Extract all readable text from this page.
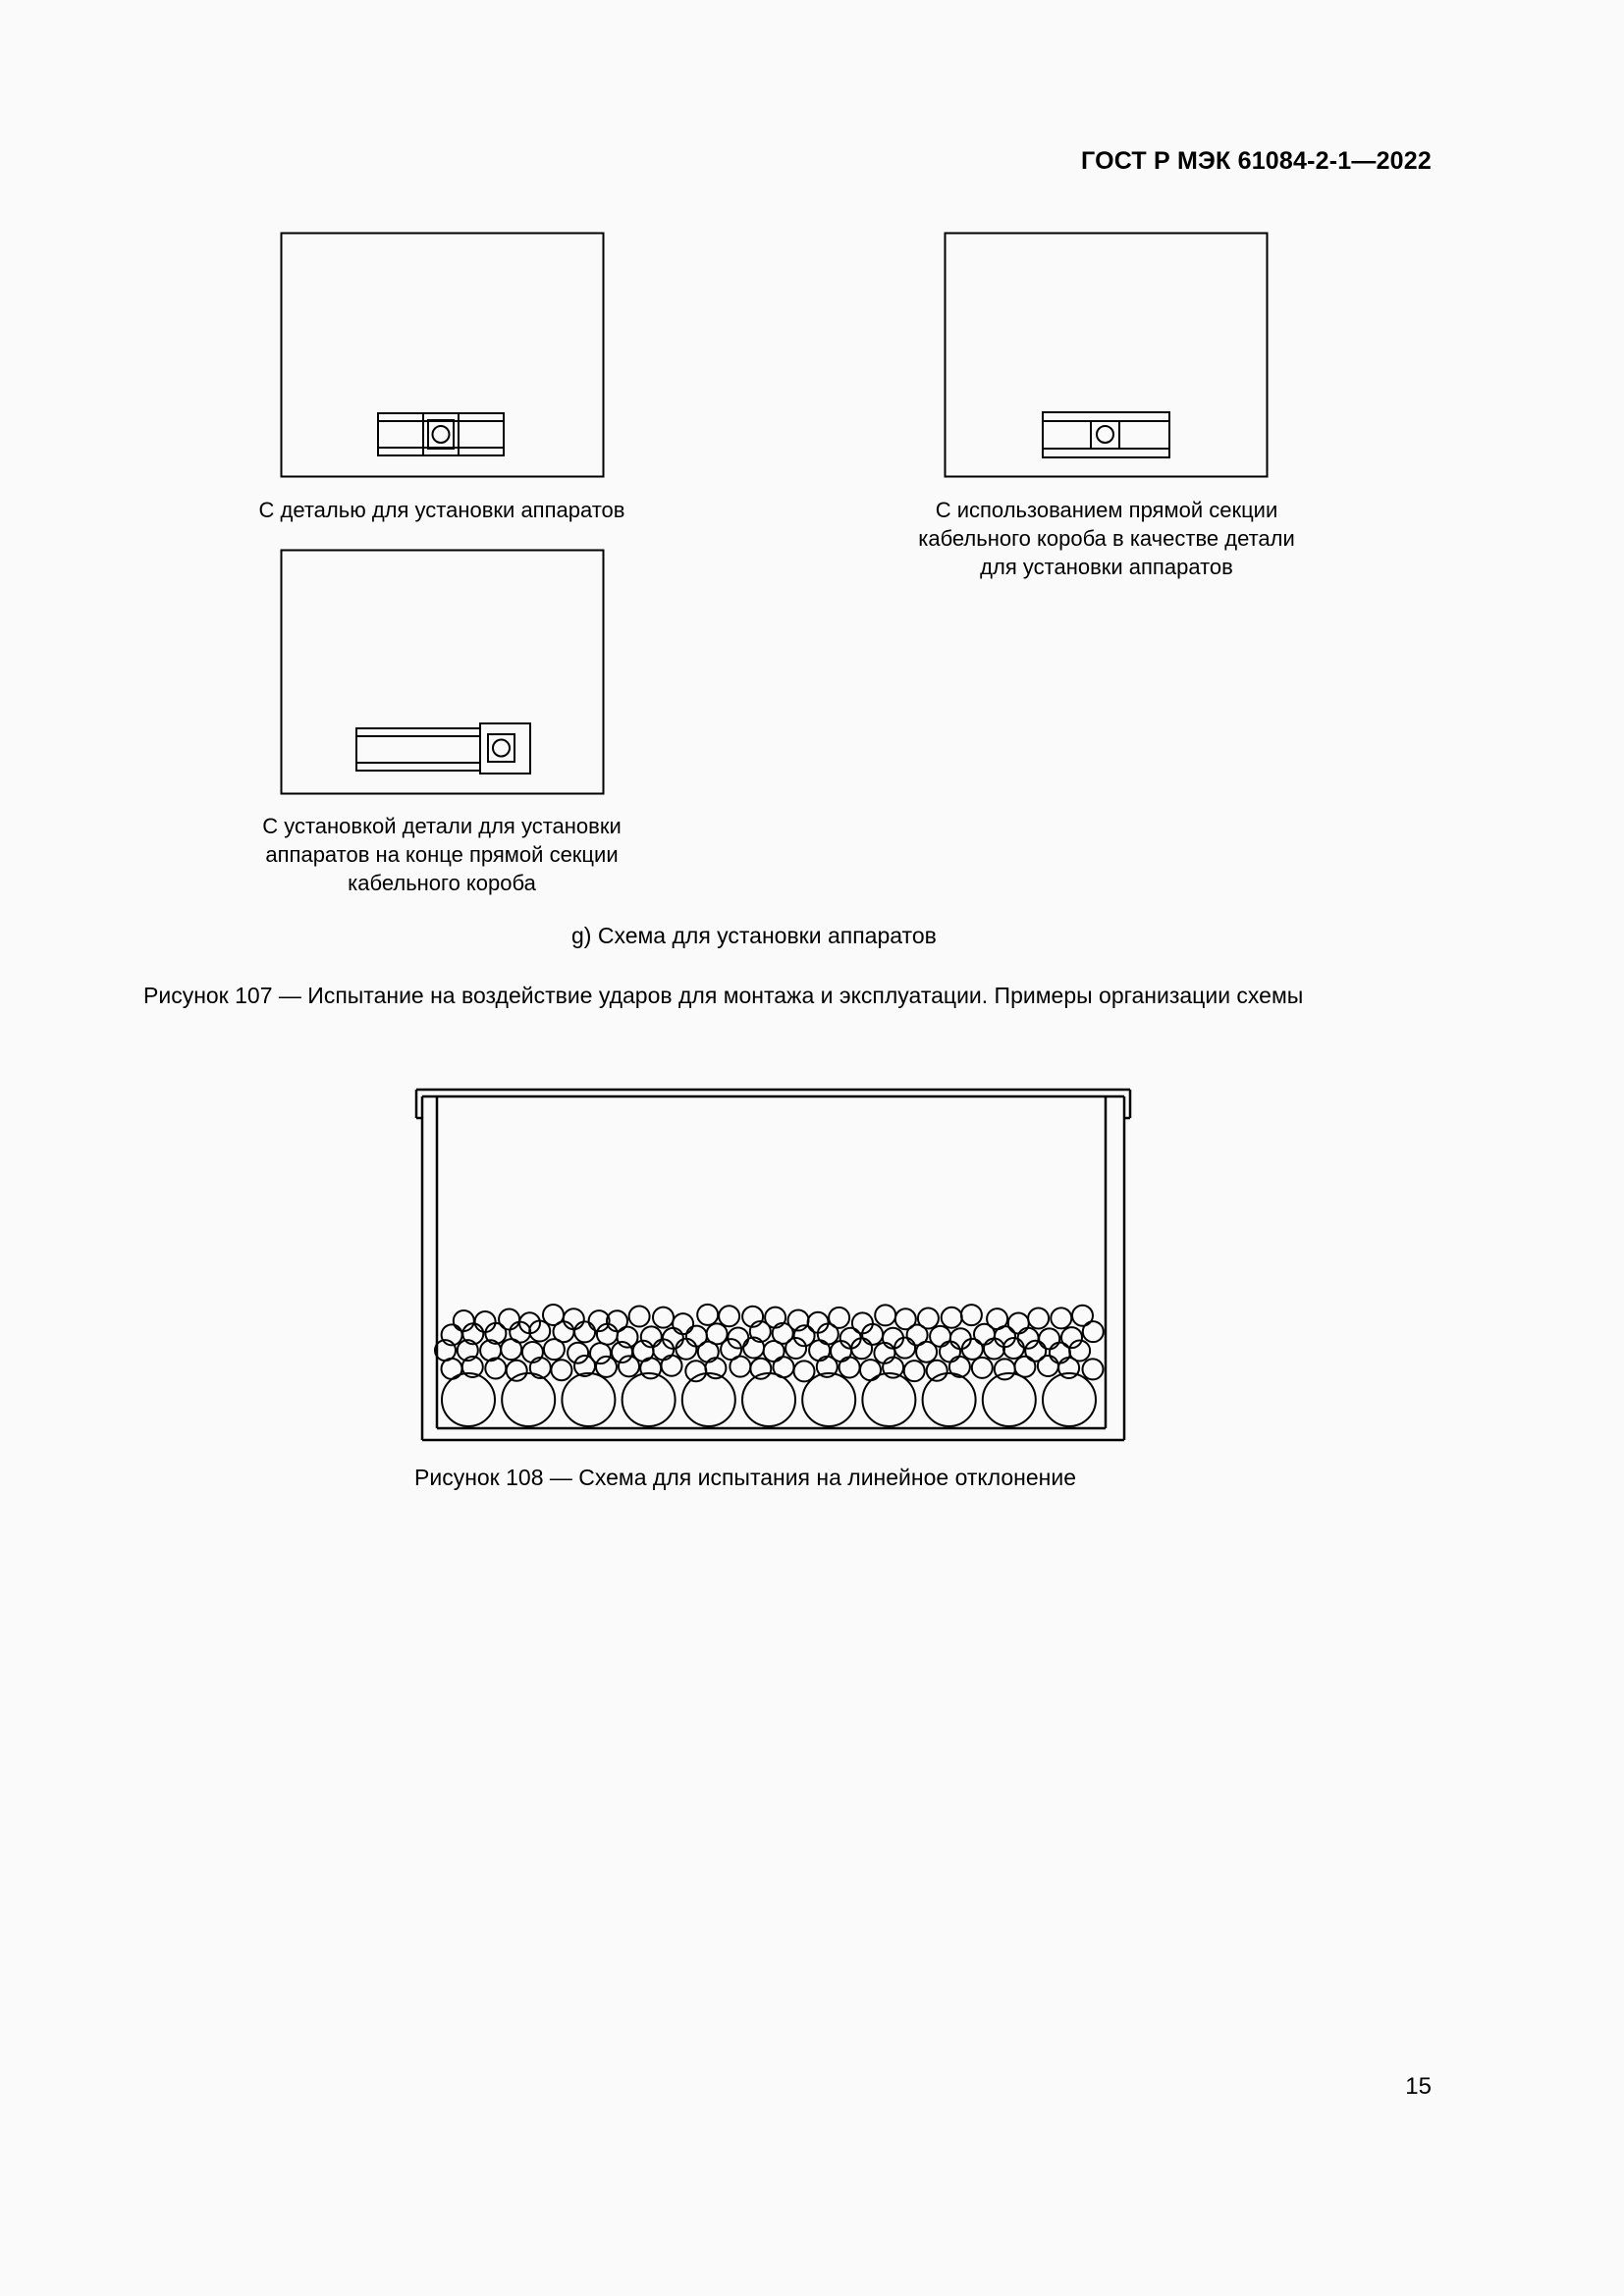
ГОСТ Р МЭК 61084-2-1—2022
С деталью для установки аппаратов	С использованием прямой секции
кабельного короба в качестве детали
для установки аппаратов
С установкой детали для установки
аппаратов на конце прямой секции
кабельного короба
g) Схема для установки аппаратов
Рисунок 107 — Испытание на воздействие ударов для монтажа и эксплуатации. Примеры организации схемы
Рисунок 108 — Схема для испытания на линейное отклонение
15
